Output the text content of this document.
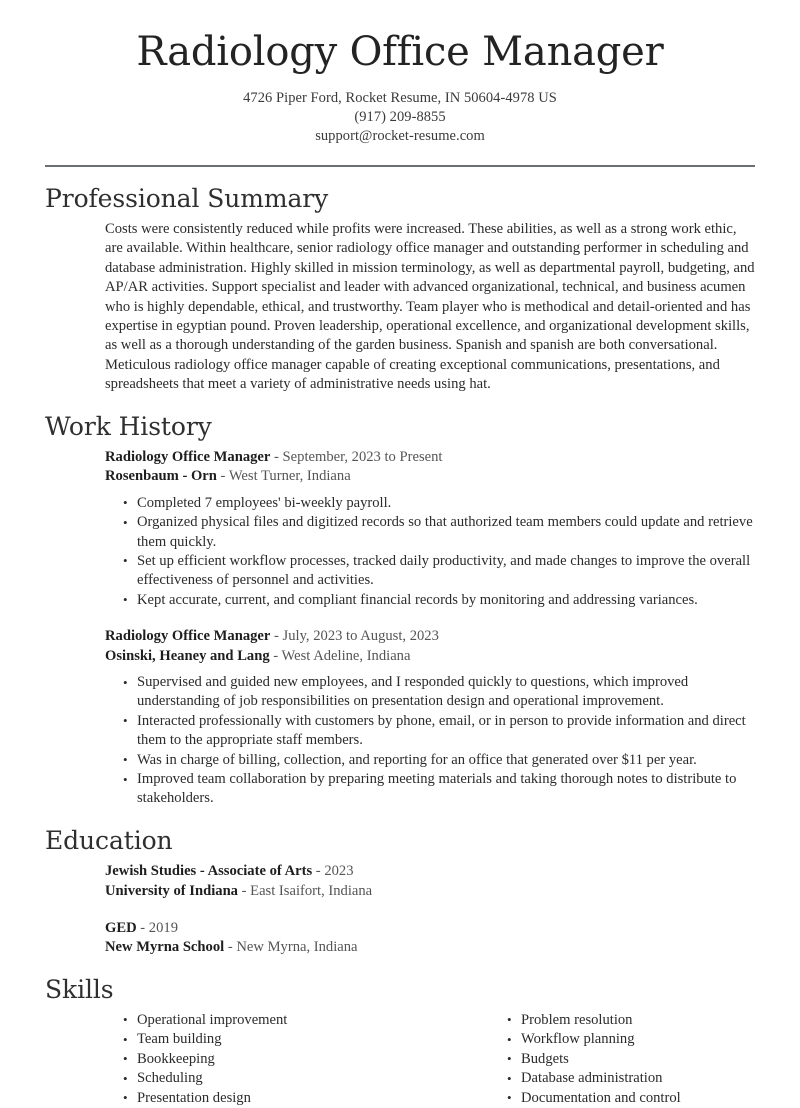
Radiology Office Manager
4726 Piper Ford, Rocket Resume, IN 50604-4978 US
(917) 209-8855
support@rocket-resume.com
Professional Summary

Costs were consistently reduced while profits were increased. These abilities, as well as a strong work ethic, are available. Within healthcare, senior radiology office manager and outstanding performer in scheduling and database administration. Highly skilled in mission terminology, as well as departmental payroll, budgeting, and AP/AR activities. Support specialist and leader with advanced organizational, technical, and business acumen who is highly dependable, ethical, and trustworthy. Team player who is methodical and detail-oriented and has expertise in egyptian pound. Proven leadership, operational excellence, and organizational development skills, as well as a thorough understanding of the garden business. Spanish and spanish are both conversational. Meticulous radiology office manager capable of creating exceptional communications, presentations, and spreadsheets that meet a variety of administrative needs using hat.

Work History
Radiology Office Manager - September, 2023 to Present
Rosenbaum - Orn - West Turner, Indiana
• Completed 7 employees' bi-weekly payroll.
• Organized physical files and digitized records so that authorized team members could update and retrieve them quickly.
• Set up efficient workflow processes, tracked daily productivity, and made changes to improve the overall effectiveness of personnel and activities.
• Kept accurate, current, and compliant financial records by monitoring and addressing variances.
Radiology Office Manager - July, 2023 to August, 2023
Osinski, Heaney and Lang - West Adeline, Indiana
• Supervised and guided new employees, and I responded quickly to questions, which improved understanding of job responsibilities on presentation design and operational improvement.
• Interacted professionally with customers by phone, email, or in person to provide information and direct them to the appropriate staff members.
• Was in charge of billing, collection, and reporting for an office that generated over $11 per year.
• Improved team collaboration by preparing meeting materials and taking thorough notes to distribute to stakeholders.
Education
Jewish Studies - Associate of Arts - 2023
University of Indiana - East Isaifort, Indiana
GED - 2019
New Myrna School - New Myrna, Indiana
Skills
• Operational improvement
• Team building
• Bookkeeping
• Scheduling
• Presentation design
• Problem resolution
• Workflow planning
• Budgets
• Database administration
• Documentation and control
